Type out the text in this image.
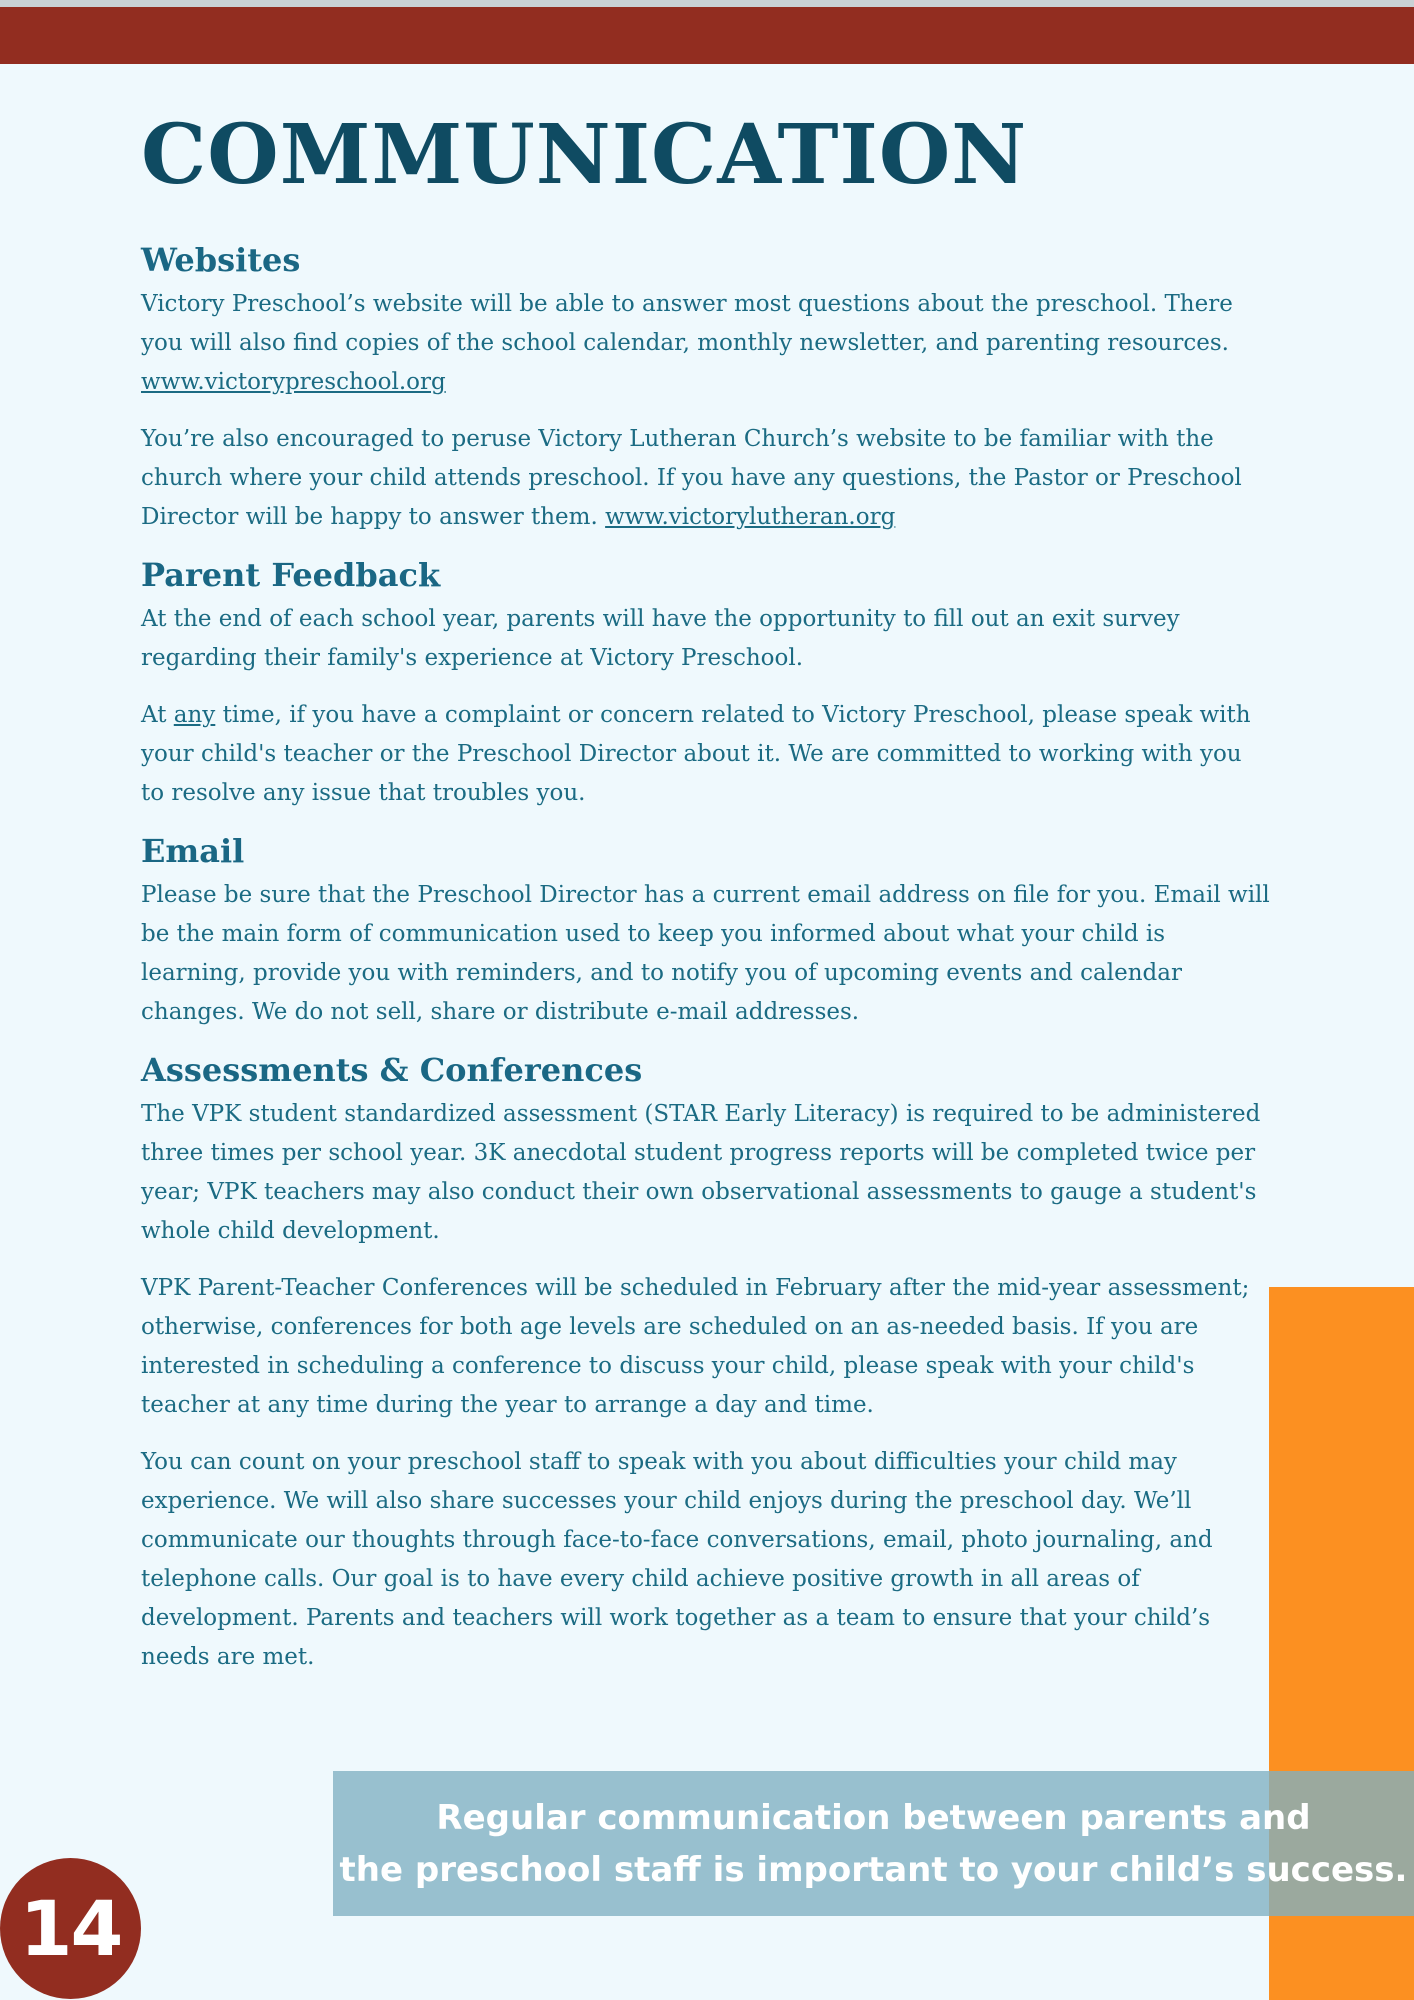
COMMUNICATION
Websites

Victory Preschool’s website will be able to answer most questions about the preschool. There you will also find copies of the school calendar, monthly newsletter, and parenting resources. www.victorypreschool.org

You’re also encouraged to peruse Victory Lutheran Church’s website to be familiar with the church where your child attends preschool. If you have any questions, the Pastor or Preschool Director will be happy to answer them. www.victorylutheran.org

Parent Feedback

At the end of each school year, parents will have the opportunity to fill out an exit survey regarding their family's experience at Victory Preschool.

At any time, if you have a complaint or concern related to Victory Preschool, please speak with your child's teacher or the Preschool Director about it. We are committed to working with you to resolve any issue that troubles you.

Email

Please be sure that the Preschool Director has a current email address on file for you. Email will be the main form of communication used to keep you informed about what your child is learning, provide you with reminders, and to notify you of upcoming events and calendar changes. We do not sell, share or distribute e-mail addresses.

Assessments & Conferences

The VPK student standardized assessment (STAR Early Literacy) is required to be administered three times per school year. 3K anecdotal student progress reports will be completed twice per year; VPK teachers may also conduct their own observational assessments to gauge a student's whole child development.

VPK Parent-Teacher Conferences will be scheduled in February after the mid-year assessment; otherwise, conferences for both age levels are scheduled on an as-needed basis. If you are interested in scheduling a conference to discuss your child, please speak with your child's teacher at any time during the year to arrange a day and time.

You can count on your preschool staff to speak with you about difficulties your child may experience. We will also share successes your child enjoys during the preschool day. We’ll communicate our thoughts through face-to-face conversations, email, photo journaling, and telephone calls. Our goal is to have every child achieve positive growth in all areas of development. Parents and teachers will work together as a team to ensure that your child’s needs are met.

Regular communication between parents and
the preschool staff is important to your child’s success.
14
